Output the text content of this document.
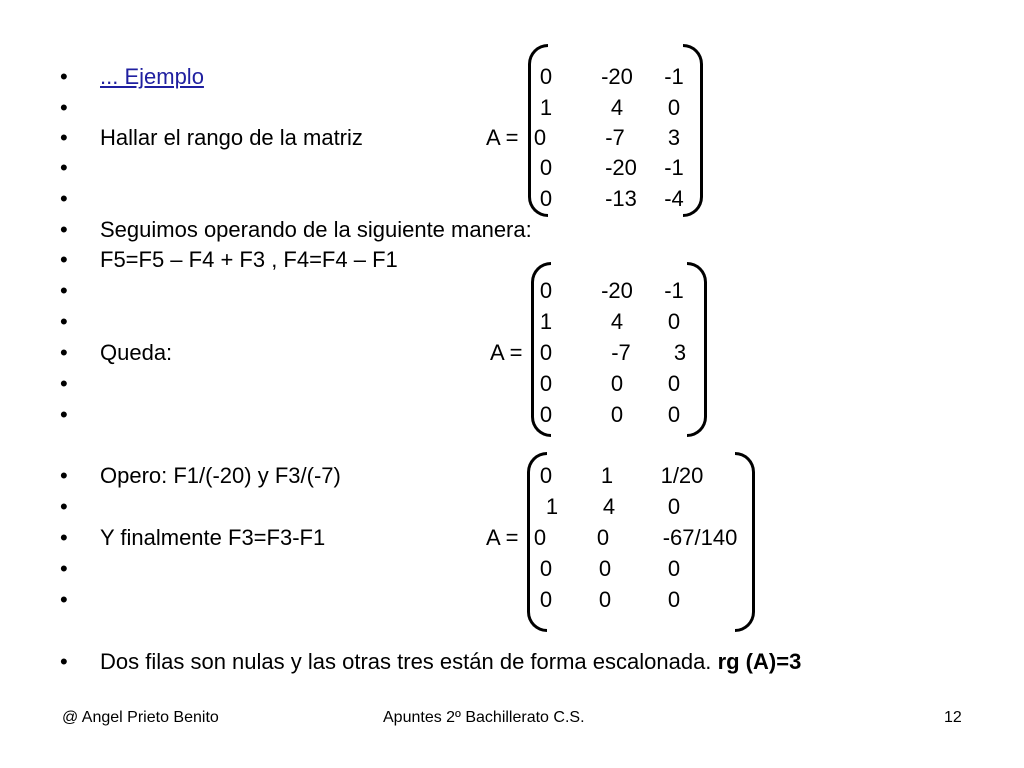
•
•
•
•
•
•
•
•
•
•
•
•
•
•
•
•
•
•
... Ejemplo
Hallar el rango de la matriz
Seguimos operando de la siguiente manera:
F5=F5 – F4 + F3 , F4=F4 – F1
Queda:
Opero: F1/(-20) y F3/(-7)
Y finalmente F3=F3-F1
Dos filas son nulas y las otras tres están de forma escalonada. rg (A)=3
A =
A =
A =
0	-20	-1
1	4	0
0	-7	3
0	-20	-1
0	-13	-4
0	-20	-1
1	4	0
0	-7	3
0	0	0
0	0	0
0	1	1/20
1	4	0
0	0	-67/140
0	0	0
0	0	0
@ Angel Prieto Benito	Apuntes 2º Bachillerato C.S.	12
